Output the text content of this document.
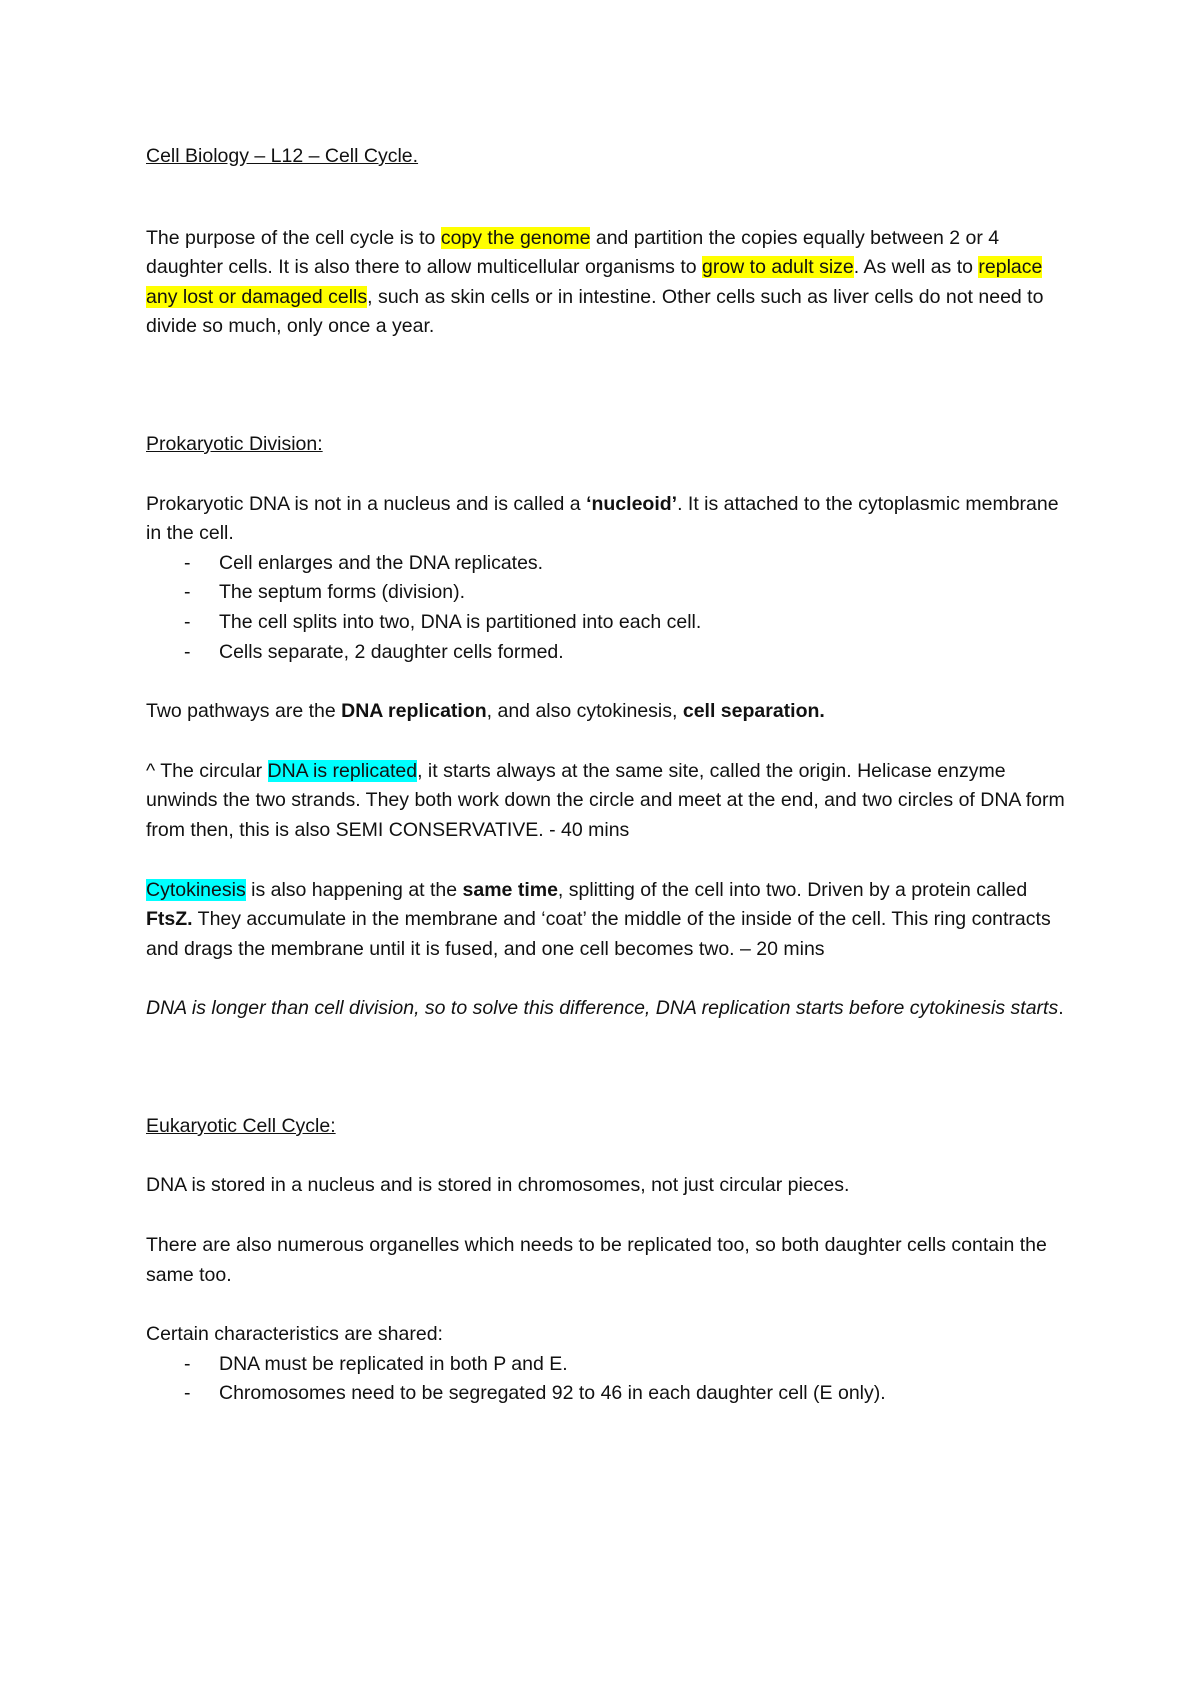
Cell Biology – L12 – Cell Cycle.

The purpose of the cell cycle is to copy the genome and partition the copies equally between 2 or 4 daughter cells. It is also there to allow multicellular organisms to grow to adult size. As well as to replace any lost or damaged cells, such as skin cells or in intestine. Other cells such as liver cells do not need to divide so much, only once a year.

Prokaryotic Division:

Prokaryotic DNA is not in a nucleus and is called a ‘nucleoid’. It is attached to the cytoplasmic membrane in the cell.

- Cell enlarges and the DNA replicates.
- The septum forms (division).
- The cell splits into two, DNA is partitioned into each cell.
- Cells separate, 2 daughter cells formed.

Two pathways are the DNA replication, and also cytokinesis, cell separation.

^ The circular DNA is replicated, it starts always at the same site, called the origin. Helicase enzyme unwinds the two strands. They both work down the circle and meet at the end, and two circles of DNA form from then, this is also SEMI CONSERVATIVE. - 40 mins

Cytokinesis is also happening at the same time, splitting of the cell into two. Driven by a protein called FtsZ. They accumulate in the membrane and ‘coat’ the middle of the inside of the cell. This ring contracts and drags the membrane until it is fused, and one cell becomes two. – 20 mins

DNA is longer than cell division, so to solve this difference, DNA replication starts before cytokinesis starts.

Eukaryotic Cell Cycle:

DNA is stored in a nucleus and is stored in chromosomes, not just circular pieces.

There are also numerous organelles which needs to be replicated too, so both daughter cells contain the same too.

Certain characteristics are shared:

- DNA must be replicated in both P and E.
- Chromosomes need to be segregated 92 to 46 in each daughter cell (E only).
